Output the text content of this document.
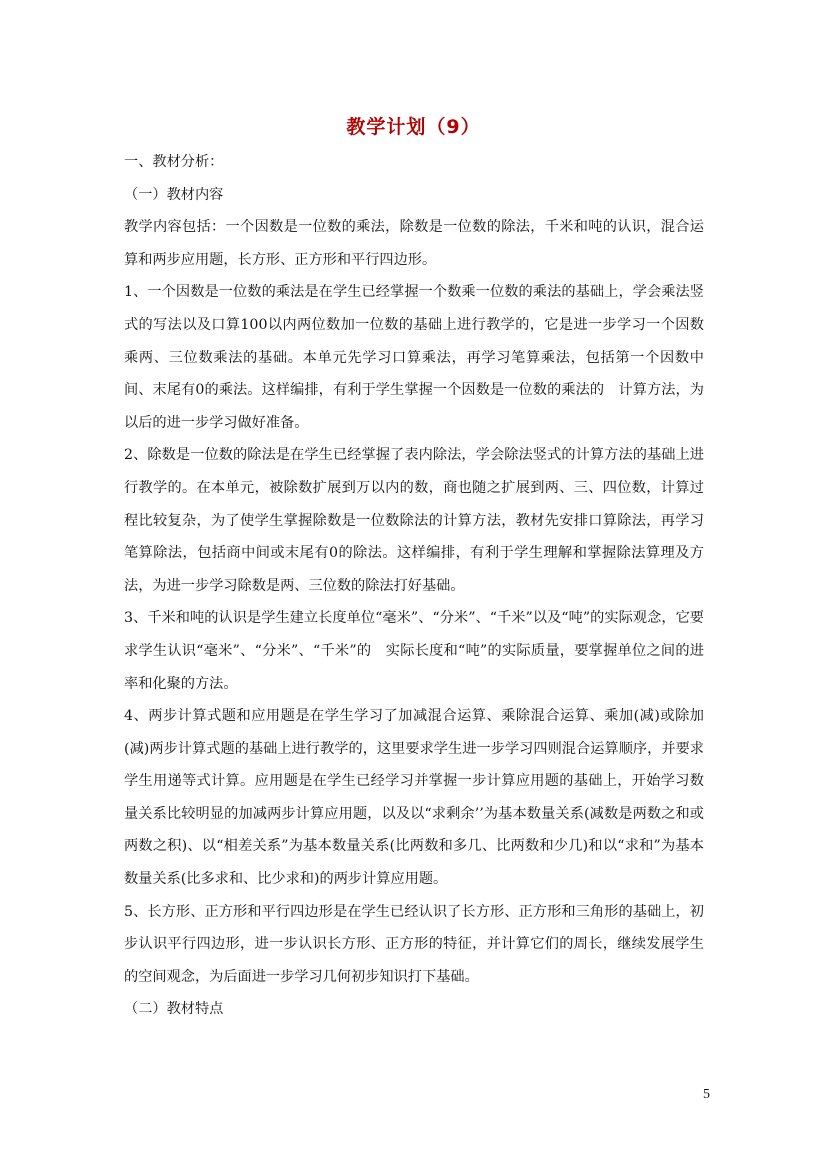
教学计划（9）

一、教材分析：

（一）教材内容

教学内容包括：一个因数是一位数的乘法，除数是一位数的除法，千米和吨的认识，混合运算和两步应用题，长方形、正方形和平行四边形。

1、一个因数是一位数的乘法是在学生已经掌握一个数乘一位数的乘法的基础上，学会乘法竖式的写法以及口算100以内两位数加一位数的基础上进行教学的，它是进一步学习一个因数乘两、三位数乘法的基础。本单元先学习口算乘法，再学习笔算乘法，包括第一个因数中间、末尾有0的乘法。这样编排，有利于学生掌握一个因数是一位数的乘法的　计算方法，为以后的进一步学习做好准备。

2、除数是一位数的除法是在学生已经掌握了表内除法，学会除法竖式的计算方法的基础上进行教学的。在本单元，被除数扩展到万以内的数，商也随之扩展到两、三、四位数，计算过程比较复杂，为了使学生掌握除数是一位数除法的计算方法，教材先安排口算除法，再学习笔算除法，包括商中间或末尾有0的除法。这样编排，有利于学生理解和掌握除法算理及方法，为进一步学习除数是两、三位数的除法打好基础。

3、千米和吨的认识是学生建立长度单位“毫米”、“分米”、“千米”以及“吨”的实际观念，它要求学生认识“毫米”、“分米”、“千米”的　实际长度和“吨”的实际质量，要掌握单位之间的进率和化聚的方法。

4、两步计算式题和应用题是在学生学习了加减混合运算、乘除混合运算、乘加(减)或除加(减)两步计算式题的基础上进行教学的，这里要求学生进一步学习四则混合运算顺序，并要求学生用递等式计算。应用题是在学生已经学习并掌握一步计算应用题的基础上，开始学习数量关系比较明显的加减两步计算应用题，以及以“求剩余’’为基本数量关系(减数是两数之和或两数之积)、以“相差关系”为基本数量关系(比两数和多几、比两数和少几)和以“求和”为基本数量关系(比多求和、比少求和)的两步计算应用题。

5、长方形、正方形和平行四边形是在学生已经认识了长方形、正方形和三角形的基础上，初步认识平行四边形，进一步认识长方形、正方形的特征，并计算它们的周长，继续发展学生的空间观念，为后面进一步学习几何初步知识打下基础。

（二）教材特点

5
